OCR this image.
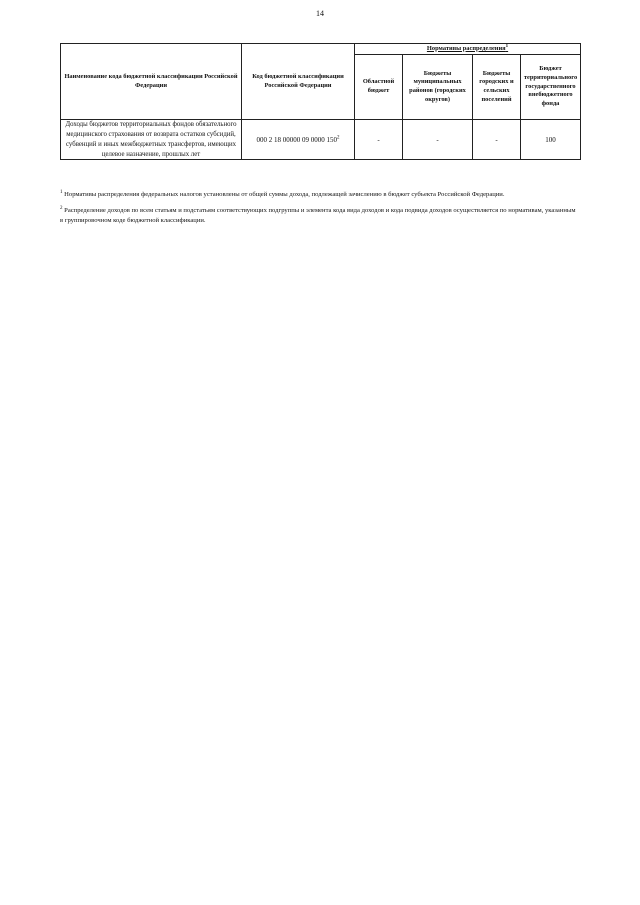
14
Наименование кода бюджетной классификации Российской Федерации	Код бюджетной классификации Российской Федерации	Нормативы распределения$^1$
		Областной бюджет	Бюджеты муниципальных районов (городских округов)	Бюджеты городских и сельских поселений	Бюджет территориального государственного внебюджетного фонда
Доходы бюджетов территориальных фондов обязательного медицинского страхования от возврата остатков субсидий, субвенций и иных межбюджетных трансфертов, имеющих целевое назначение, прошлых лет	000 2 18 00000 09 0000 $150^2$	-	-	-	100

$^1$ Нормативы распределения федеральных налогов установлены от общей суммы дохода, подлежащей зачислению в бюджет субъекта Российской Федерации.

$^2$ Распределение доходов по всем статьям и подстатьям соответствующих подгруппы и элемента кода вида доходов и кода подвида доходов осуществляется по нормативам, указанным в группировочном коде бюджетной классификации.
